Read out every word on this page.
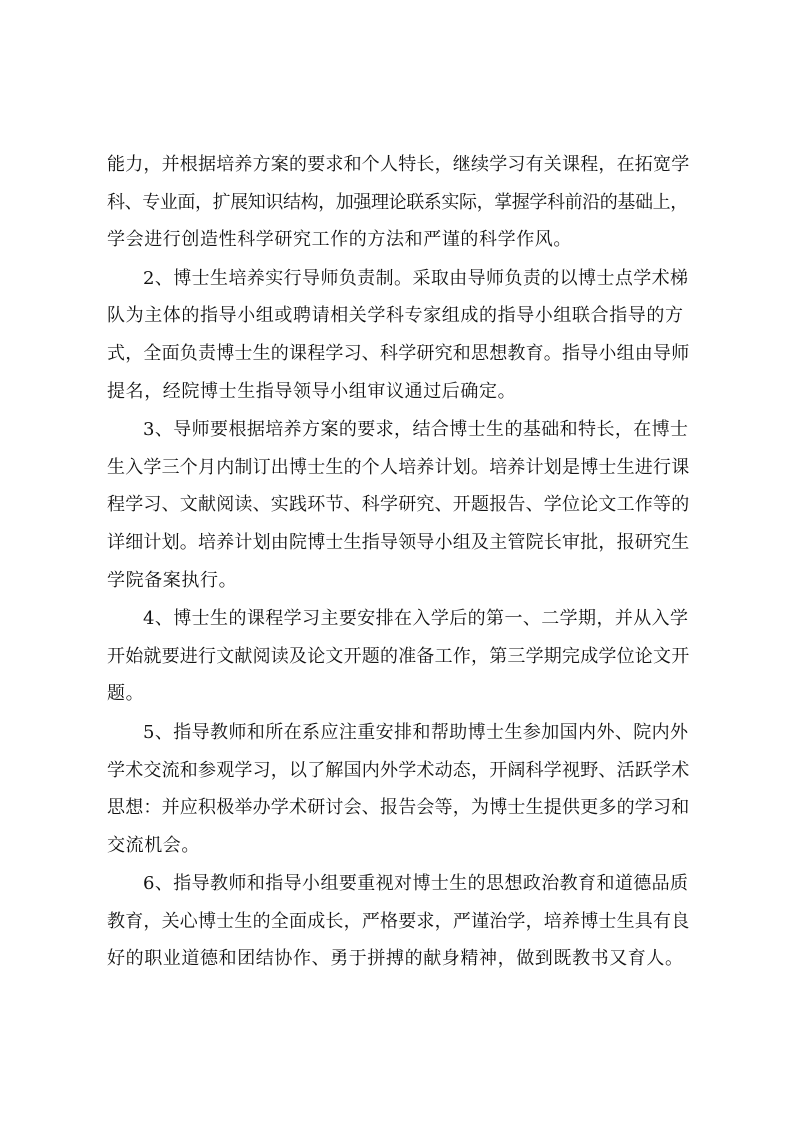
能力，并根据培养方案的要求和个人特长，继续学习有关课程，在拓宽学
科、专业面，扩展知识结构，加强理论联系实际，掌握学科前沿的基础上，
学会进行创造性科学研究工作的方法和严谨的科学作风。
2、博士生培养实行导师负责制。采取由导师负责的以博士点学术梯
队为主体的指导小组或聘请相关学科专家组成的指导小组联合指导的方
式，全面负责博士生的课程学习、科学研究和思想教育。指导小组由导师
提名，经院博士生指导领导小组审议通过后确定。
3、导师要根据培养方案的要求，结合博士生的基础和特长，在博士
生入学三个月内制订出博士生的个人培养计划。培养计划是博士生进行课
程学习、文献阅读、实践环节、科学研究、开题报告、学位论文工作等的
详细计划。培养计划由院博士生指导领导小组及主管院长审批，报研究生
学院备案执行。
4、博士生的课程学习主要安排在入学后的第一、二学期，并从入学
开始就要进行文献阅读及论文开题的准备工作，第三学期完成学位论文开
题。
5、指导教师和所在系应注重安排和帮助博士生参加国内外、院内外
学术交流和参观学习，以了解国内外学术动态，开阔科学视野、活跃学术
思想：并应积极举办学术研讨会、报告会等，为博士生提供更多的学习和
交流机会。
6、指导教师和指导小组要重视对博士生的思想政治教育和道德品质
教育，关心博士生的全面成长，严格要求，严谨治学，培养博士生具有良
好的职业道德和团结协作、勇于拼搏的献身精神，做到既教书又育人。
